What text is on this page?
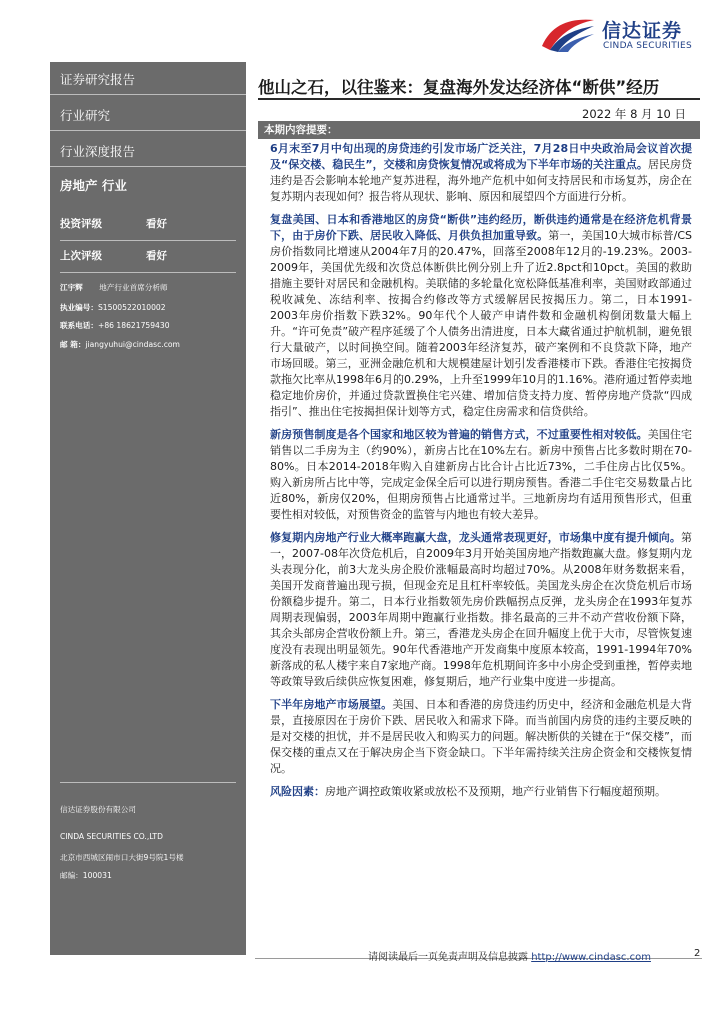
信达证券
CINDA SECURITIES
证券研究报告
行业研究
行业深度报告
房地产 行业
投资评级	看好
上次评级	看好
江宇辉 地产行业首席分析师
执业编号：S1500522010002
联系电话：+86 18621759430
邮 箱：jiangyuhui@cindasc.com
信达证券股份有限公司
CINDA SECURITIES CO.,LTD
北京市西城区闹市口大街9号院1号楼
邮编：100031
他山之石，以往鉴来：复盘海外发达经济体“断供”经历
2022 年 8 月 10 日
本期内容提要：

6月末至7月中旬出现的房贷违约引发市场广泛关注，7月28日中央政治局会议首次提及“保交楼、稳民生”，交楼和房贷恢复情况或将成为下半年市场的关注重点。居民房贷违约是否会影响本轮地产复苏进程，海外地产危机中如何支持居民和市场复苏，房企在复苏期内表现如何？报告将从现状、影响、原因和展望四个方面进行分析。

复盘美国、日本和香港地区的房贷“断供”违约经历，断供违约通常是在经济危机背景下，由于房价下跌、居民收入降低、月供负担加重导致。第一，美国10大城市标普/CS房价指数同比增速从2004年7月的20.47%，回落至2008年12月的-19.23%。2003-2009年，美国优先级和次贷总体断供比例分别上升了近2.8pct和10pct。美国的救助措施主要针对居民和金融机构。美联储的多轮量化宽松降低基准利率，美国财政部通过税收减免、冻结利率、按揭合约修改等方式缓解居民按揭压力。第二，日本1991-2003年房价指数下跌32%。90年代个人破产申请件数和金融机构倒闭数量大幅上升。“许可免责”破产程序延缓了个人债务出清进度，日本大藏省通过护航机制，避免银行大量破产，以时间换空间。随着2003年经济复苏，破产案例和不良贷款下降，地产市场回暖。第三，亚洲金融危机和大规模建屋计划引发香港楼市下跌。香港住宅按揭贷款拖欠比率从1998年6月的0.29%，上升至1999年10月的1.16%。港府通过暂停卖地稳定地价房价，并通过贷款置换住宅兴建、增加信贷支持力度、暂停房地产贷款“四成指引”、推出住宅按揭担保计划等方式，稳定住房需求和信贷供给。

新房预售制度是各个国家和地区较为普遍的销售方式，不过重要性相对较低。美国住宅销售以二手房为主（约90%），新房占比在10%左右。新房中预售占比多数时期在70-80%。日本2014-2018年购入自建新房占比合计占比近73%，二手住房占比仅5%。购入新房所占比中等，完成定金保全后可以进行期房预售。香港二手住宅交易数量占比近80%，新房仅20%，但期房预售占比通常过半。三地新房均有适用预售形式，但重要性相对较低，对预售资金的监管与内地也有较大差异。

修复期内房地产行业大概率跑赢大盘，龙头通常表现更好，市场集中度有提升倾向。第一，2007-08年次贷危机后，自2009年3月开始美国房地产指数跑赢大盘。修复期内龙头表现分化，前3大龙头房企股价涨幅最高时均超过70%。从2008年财务数据来看，美国开发商普遍出现亏损，但现金充足且杠杆率较低。美国龙头房企在次贷危机后市场份额稳步提升。第二，日本行业指数领先房价跌幅拐点反弹，龙头房企在1993年复苏周期表现偏弱，2003年周期中跑赢行业指数。排名最高的三井不动产营收份额下降，其余头部房企营收份额上升。第三，香港龙头房企在回升幅度上优于大市，尽管恢复速度没有表现出明显领先。90年代香港地产开发商集中度原本较高，1991-1994年70%新落成的私人楼宇来自7家地产商。1998年危机期间许多中小房企受到重挫，暂停卖地等政策导致后续供应恢复困难，修复期后，地产行业集中度进一步提高。

下半年房地产市场展望。美国、日本和香港的房贷违约历史中，经济和金融危机是大背景，直接原因在于房价下跌、居民收入和需求下降。而当前国内房贷的违约主要反映的是对交楼的担忧，并不是居民收入和购买力的问题。解决断供的关键在于“保交楼”，而保交楼的重点又在于解决房企当下资金缺口。下半年需持续关注房企资金和交楼恢复情况。

风险因素：房地产调控政策收紧或放松不及预期，地产行业销售下行幅度超预期。

请阅读最后一页免责声明及信息披露 http://www.cindasc.com	2
